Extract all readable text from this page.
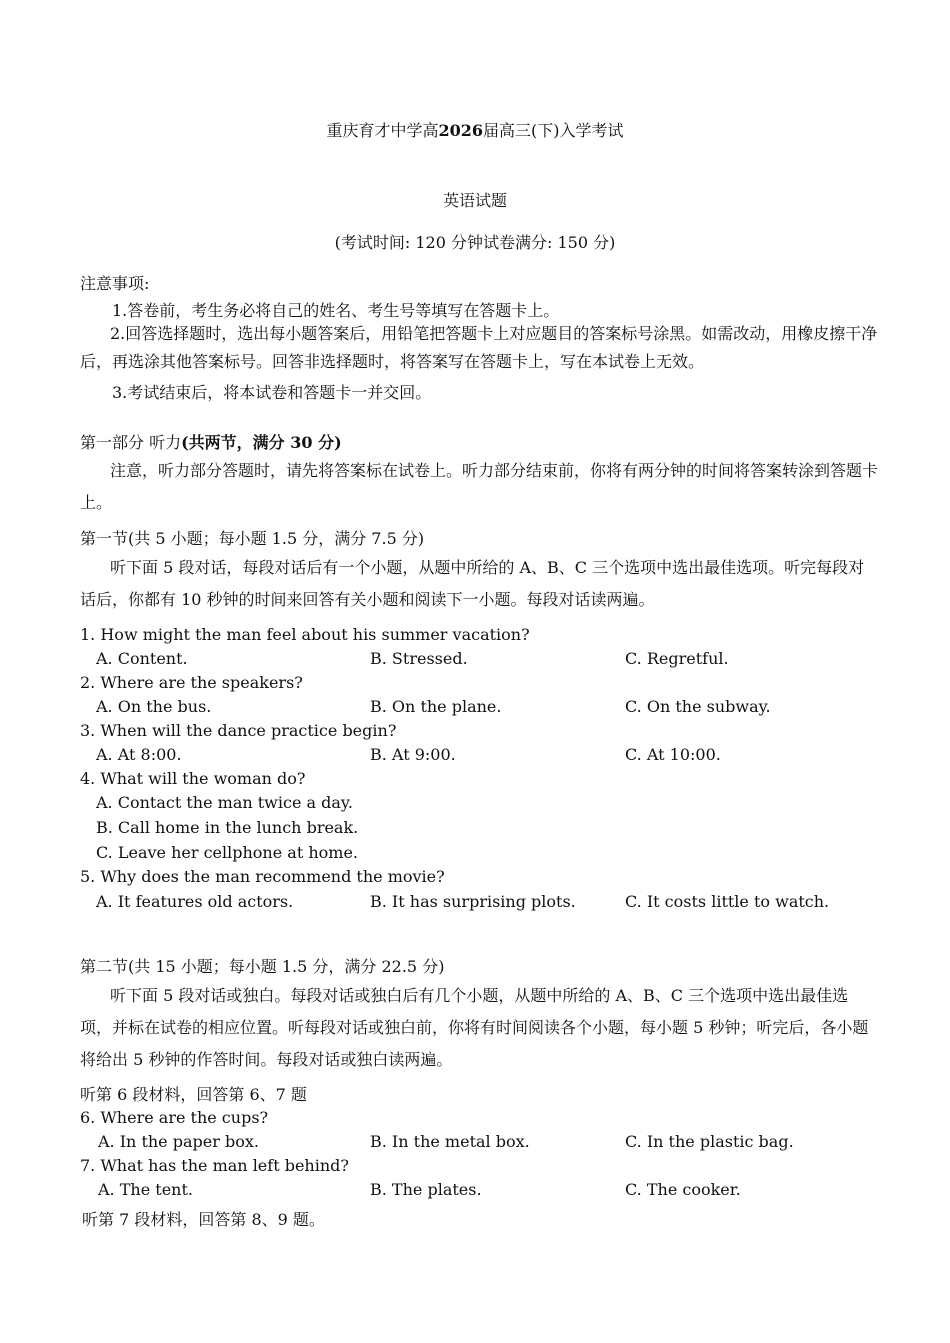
重庆育才中学高2026届高三(下)入学考试
英语试题
(考试时间: 120 分钟试卷满分: 150 分)
注意事项:
1.答卷前，考生务必将自己的姓名、考生号等填写在答题卡上。
2.回答选择题时，选出每小题答案后，用铅笔把答题卡上对应题目的答案标号涂黑。如需改动，用橡皮擦干净后，再选涂其他答案标号。回答非选择题时，将答案写在答题卡上，写在本试卷上无效。
3.考试结束后，将本试卷和答题卡一并交回。
第一部分 听力(共两节，满分 30 分)
注意，听力部分答题时，请先将答案标在试卷上。听力部分结束前，你将有两分钟的时间将答案转涂到答题卡上。
第一节(共 5 小题；每小题 1.5 分，满分 7.5 分)
听下面 5 段对话，每段对话后有一个小题，从题中所给的 A、B、C 三个选项中选出最佳选项。听完每段对话后，你都有 10 秒钟的时间来回答有关小题和阅读下一小题。每段对话读两遍。
1. How might the man feel about his summer vacation?
A. Content.	B. Stressed.	C. Regretful.
2. Where are the speakers?
A. On the bus.	B. On the plane.	C. On the subway.
3. When will the dance practice begin?
A. At 8:00.	B. At 9:00.	C. At 10:00.
4. What will the woman do?
A. Contact the man twice a day.
B. Call home in the lunch break.
C. Leave her cellphone at home.
5. Why does the man recommend the movie?
A. It features old actors.	B. It has surprising plots.	C. It costs little to watch.
第二节(共 15 小题；每小题 1.5 分，满分 22.5 分)
听下面 5 段对话或独白。每段对话或独白后有几个小题，从题中所给的 A、B、C 三个选项中选出最佳选项，并标在试卷的相应位置。听每段对话或独白前，你将有时间阅读各个小题，每小题 5 秒钟；听完后，各小题将给出 5 秒钟的作答时间。每段对话或独白读两遍。
听第 6 段材料，回答第 6、7 题
6. Where are the cups?
A. In the paper box.	B. In the metal box.	C. In the plastic bag.
7. What has the man left behind?
A. The tent.	B. The plates.	C. The cooker.
听第 7 段材料，回答第 8、9 题。
